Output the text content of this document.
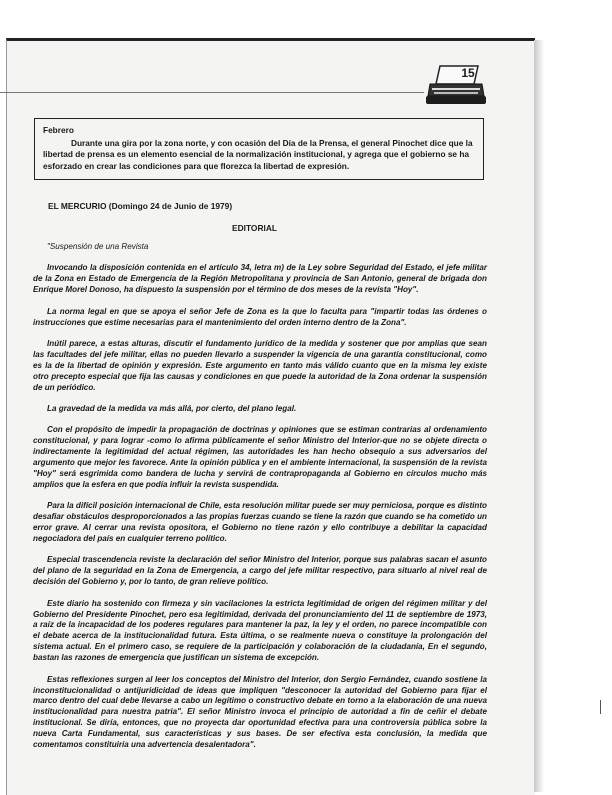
15
Febrero

Durante una gira por la zona norte, y con ocasión del Día de la Prensa, el general Pinochet dice que la libertad de prensa es un elemento esencial de la normalización institucional, y agrega que el gobierno se ha esforzado en crear las condiciones para que florezca la libertad de expresión.

EL MERCURIO (Domingo 24 de Junio de 1979)
EDITORIAL

"Suspensión de una Revista

Invocando la disposición contenida en el artículo 34, letra m) de la Ley sobre Seguridad del Estado, el jefe militar de la Zona en Estado de Emergencia de la Región Metropolitana y provincia de San Antonio, general de brigada don Enrique Morel Donoso, ha dispuesto la suspensión por el término de dos meses de la revista "Hoy".

La norma legal en que se apoya el señor Jefe de Zona es la que lo faculta para "impartir todas las órdenes o instrucciones que estime necesarias para el mantenimiento del orden interno dentro de la Zona".

Inútil parece, a estas alturas, discutir el fundamento jurídico de la medida y sostener que por amplias que sean las facultades del jefe militar, ellas no pueden llevarlo a suspender la vigencia de una garantía constitucional, como es la de la libertad de opinión y expresión. Este argumento en tanto más válido cuanto que en la misma ley existe otro precepto especial que fija las causas y condiciones en que puede la autoridad de la Zona ordenar la suspensión de un periódico.

La gravedad de la medida va más allá, por cierto, del plano legal.

Con el propósito de impedir la propagación de doctrinas y opiniones que se estiman contrarias al ordenamiento constitucional, y para lograr -como lo afirma públicamente el señor Ministro del Interior-que no se objete directa o indirectamente la legitimidad del actual régimen, las autoridades les han hecho obsequio a sus adversarios del argumento que mejor les favorece. Ante la opinión pública y en el ambiente internacional, la suspensión de la revista "Hoy" será esgrimida como bandera de lucha y servirá de contrapropaganda al Gobierno en círculos mucho más amplios que la esfera en que podía influir la revista suspendida.

Para la difícil posición internacional de Chile, esta resolución militar puede ser muy perniciosa, porque es distinto desafiar obstáculos desproporcionados a las propias fuerzas cuando se tiene la razón que cuando se ha cometido un error grave. Al cerrar una revista opositora, el Gobierno no tiene razón y ello contribuye a debilitar la capacidad negociadora del país en cualquier terreno político.

Especial trascendencia reviste la declaración del señor Ministro del Interior, porque sus palabras sacan el asunto del plano de la seguridad en la Zona de Emergencia, a cargo del jefe militar respectivo, para situarlo al nivel real de decisión del Gobierno y, por lo tanto, de gran relieve político.

Este diario ha sostenido con firmeza y sin vacilaciones la estricta legitimidad de origen del régimen militar y del Gobierno del Presidente Pinochet, pero esa legitimidad, derivada del pronunciamiento del 11 de septiembre de 1973, a raíz de la incapacidad de los poderes regulares para mantener la paz, la ley y el orden, no parece incompatible con el debate acerca de la institucionalidad futura. Esta última, o se realmente nueva o constituye la prolongación del sistema actual. En el primero caso, se requiere de la participación y colaboración de la ciudadanía, En el segundo, bastan las razones de emergencia que justifican un sistema de excepción.

Estas reflexiones surgen al leer los conceptos del Ministro del Interior, don Sergio Fernández, cuando sostiene la inconstitucionalidad o antijuridicidad de ideas que impliquen "desconocer la autoridad del Gobierno para fijar el marco dentro del cual debe llevarse a cabo un legítimo o constructivo debate en torno a la elaboración de una nueva institucionalidad para nuestra patria". El señor Ministro invoca el principio de autoridad a fin de ceñir el debate institucional. Se diría, entonces, que no proyecta dar oportunidad efectiva para una controversia pública sobre la nueva Carta Fundamental, sus características y sus bases. De ser efectiva esta conclusión, la medida que comentamos constituiría una advertencia desalentadora".
